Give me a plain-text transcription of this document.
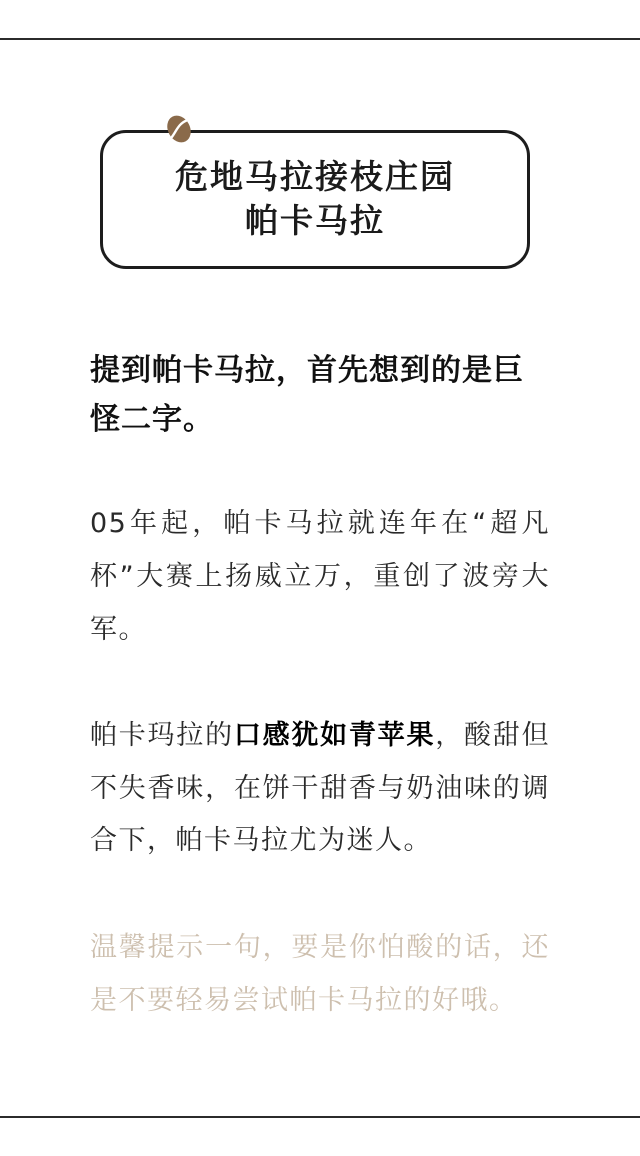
危地马拉接枝庄园
帕卡马拉
提到帕卡马拉，首先想到的是巨怪二字。
05年起，帕卡马拉就连年在“超凡杯”大赛上扬威立万，重创了波旁大军。
帕卡玛拉的口感犹如青苹果，酸甜但不失香味，在饼干甜香与奶油味的调合下，帕卡马拉尤为迷人。
温馨提示一句，要是你怕酸的话，还是不要轻易尝试帕卡马拉的好哦。
